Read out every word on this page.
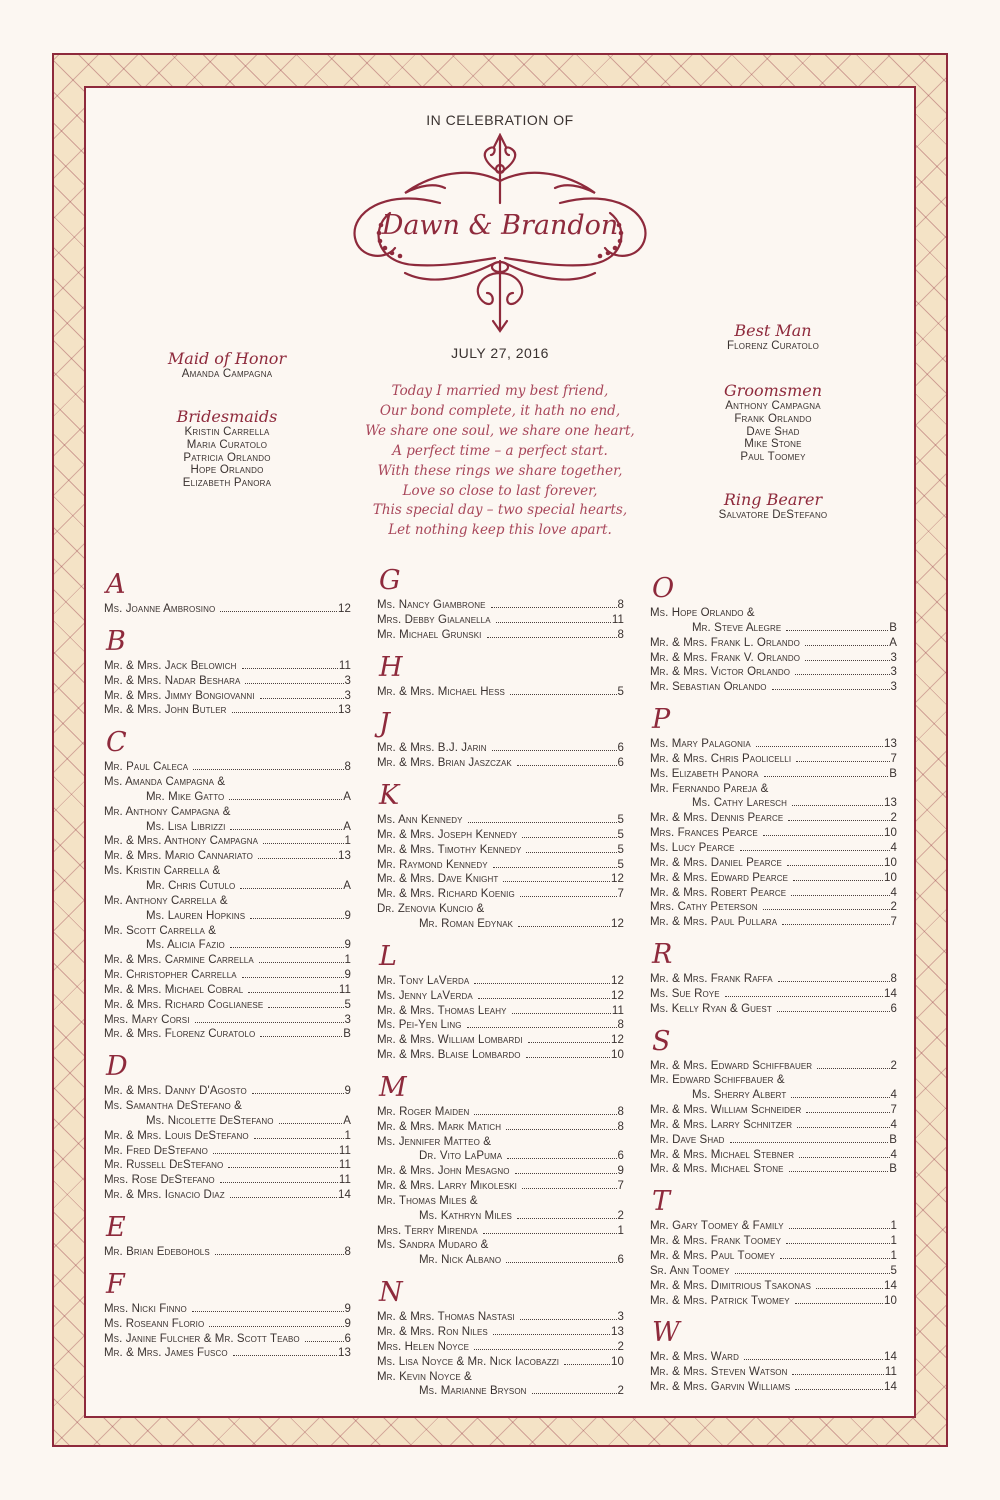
IN CELEBRATION OF
Dawn & Brandon
JULY 27, 2016
Today I married my best friend,
Our bond complete, it hath no end,
We share one soul, we share one heart,
A perfect time – a perfect start.
With these rings we share together,
Love so close to last forever,
This special day – two special hearts,
Let nothing keep this love apart.
Maid of Honor
Amanda Campagna
Bridesmaids
Kristin Carrella
Maria Curatolo
Patricia Orlando
Hope Orlando
Elizabeth Panora
Best Man
Florenz Curatolo
Groomsmen
Anthony Campagna
Frank Orlando
Dave Shad
Mike Stone
Paul Toomey
Ring Bearer
Salvatore DeStefano
A
Ms. Joanne Ambrosino	12
B
Mr. & Mrs. Jack Belowich	11
Mr. & Mrs. Nadar Beshara	3
Mr. & Mrs. Jimmy Bongiovanni	3
Mr. & Mrs. John Butler	13
C
Mr. Paul Caleca	8
Ms. Amanda Campagna &
Mr. Mike Gatto	A
Mr. Anthony Campagna &
Ms. Lisa Librizzi	A
Mr. & Mrs. Anthony Campagna	1
Mr. & Mrs. Mario Cannariato	13
Ms. Kristin Carrella &
Mr. Chris Cutulo	A
Mr. Anthony Carrella &
Ms. Lauren Hopkins	9
Mr. Scott Carrella &
Ms. Alicia Fazio	9
Mr. & Mrs. Carmine Carrella	1
Mr. Christopher Carrella	9
Mr. & Mrs. Michael Cobral	11
Mr. & Mrs. Richard Coglianese	5
Mrs. Mary Corsi	3
Mr. & Mrs. Florenz Curatolo	B
D
Mr. & Mrs. Danny D'Agosto	9
Ms. Samantha DeStefano &
Ms. Nicolette DeStefano	A
Mr. & Mrs. Louis DeStefano	1
Mr. Fred DeStefano	11
Mr. Russell DeStefano	11
Mrs. Rose DeStefano	11
Mr. & Mrs. Ignacio Diaz	14
E
Mr. Brian Edebohols	8
F
Mrs. Nicki Finno	9
Ms. Roseann Florio	9
Ms. Janine Fulcher & Mr. Scott Teabo	6
Mr. & Mrs. James Fusco	13
G
Ms. Nancy Giambrone	8
Mrs. Debby Gialanella	11
Mr. Michael Grunski	8
H
Mr. & Mrs. Michael Hess	5
J
Mr. & Mrs. B.J. Jarin	6
Mr. & Mrs. Brian Jaszczak	6
K
Ms. Ann Kennedy	5
Mr. & Mrs. Joseph Kennedy	5
Mr. & Mrs. Timothy Kennedy	5
Mr. Raymond Kennedy	5
Mr. & Mrs. Dave Knight	12
Mr. & Mrs. Richard Koenig	7
Dr. Zenovia Kuncio &
Mr. Roman Edynak	12
L
Mr. Tony LaVerda	12
Ms. Jenny LaVerda	12
Mr. & Mrs. Thomas Leahy	11
Ms. Pei-Yen Ling	8
Mr. & Mrs. William Lombardi	12
Mr. & Mrs. Blaise Lombardo	10
M
Mr. Roger Maiden	8
Mr. & Mrs. Mark Matich	8
Ms. Jennifer Matteo &
Dr. Vito LaPuma	6
Mr. & Mrs. John Mesagno	9
Mr. & Mrs. Larry Mikoleski	7
Mr. Thomas Miles &
Ms. Kathryn Miles	2
Mrs. Terry Mirenda	1
Ms. Sandra Mudaro &
Mr. Nick Albano	6
N
Mr. & Mrs. Thomas Nastasi	3
Mr. & Mrs. Ron Niles	13
Mrs. Helen Noyce	2
Ms. Lisa Noyce & Mr. Nick Iacobazzi	10
Mr. Kevin Noyce &
Ms. Marianne Bryson	2
O
Ms. Hope Orlando &
Mr. Steve Alegre	B
Mr. & Mrs. Frank L. Orlando	A
Mr. & Mrs. Frank V. Orlando	3
Mr. & Mrs. Victor Orlando	3
Mr. Sebastian Orlando	3
P
Ms. Mary Palagonia	13
Mr. & Mrs. Chris Paolicelli	7
Ms. Elizabeth Panora	B
Mr. Fernando Pareja &
Ms. Cathy Laresch	13
Mr. & Mrs. Dennis Pearce	2
Mrs. Frances Pearce	10
Ms. Lucy Pearce	4
Mr. & Mrs. Daniel Pearce	10
Mr. & Mrs. Edward Pearce	10
Mr. & Mrs. Robert Pearce	4
Mrs. Cathy Peterson	2
Mr. & Mrs. Paul Pullara	7
R
Mr. & Mrs. Frank Raffa	8
Ms. Sue Roye	14
Ms. Kelly Ryan & Guest	6
S
Mr. & Mrs. Edward Schiffbauer	2
Mr. Edward Schiffbauer &
Ms. Sherry Albert	4
Mr. & Mrs. William Schneider	7
Mr. & Mrs. Larry Schnitzer	4
Mr. Dave Shad	B
Mr. & Mrs. Michael Stebner	4
Mr. & Mrs. Michael Stone	B
T
Mr. Gary Toomey & Family	1
Mr. & Mrs. Frank Toomey	1
Mr. & Mrs. Paul Toomey	1
Sr. Ann Toomey	5
Mr. & Mrs. Dimitrious Tsakonas	14
Mr. & Mrs. Patrick Twomey	10
W
Mr. & Mrs. Ward	14
Mr. & Mrs. Steven Watson	11
Mr. & Mrs. Garvin Williams	14
